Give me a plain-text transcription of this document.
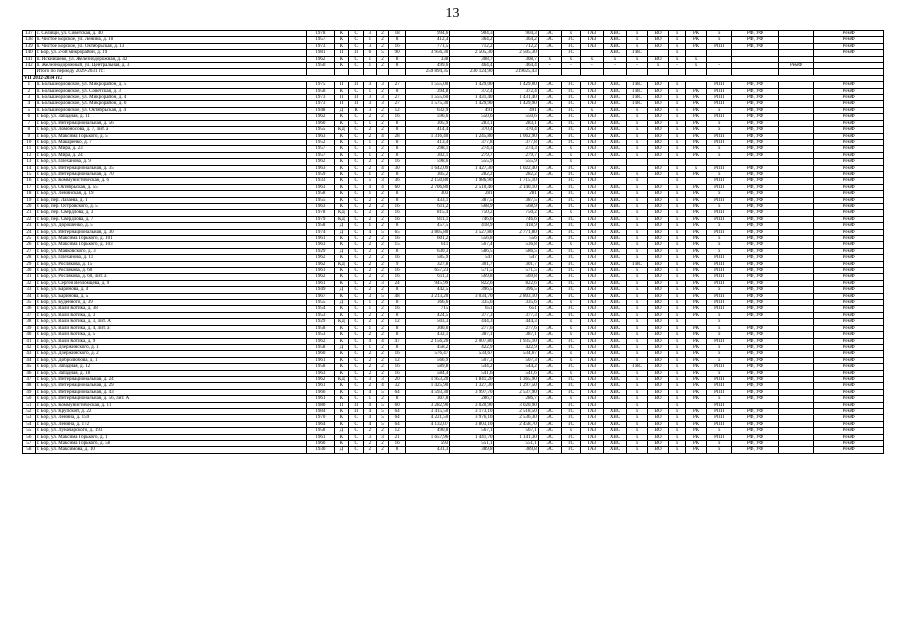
13
137	с. Селищи, ул. Советская, д. 40	1978	К	С	3	2	18	994,6	904,3	904,3	ЭС	х	ГАЗ	ХВС	х	ВО	х	РК	х	РФ, УФ		РемФ
138	п. Чистое Борское, ул. Ленина, д. 10	1957	К	С	1	2	8	412,4	364,2	364,2	ЭС	ТС	ГАЗ	ХВС	х	ВО	х	РК	х	РФ, УФ		РемФ
139	п. Чистое Борское, ул. Октябрьская, д. 13	1973	К	С	3	2	16	771,5	712,2	712,2	ЭС	ТС	ГАЗ	ХВС	х	ВО	х	РК	РПП	РФ, УФ		РемФ
140	г. Бор, ул. 2-ой микрорайон, д. 19	1981	П	П	6	5	90	3 956,30	2 505,30	2 505,30		ТС		ХВС	ГВС		х					РемФ
141	п. Искиншево, ул. Железнодорожная, д. 42	1962	К	С	1	2	8	338	308,7	308,7	х	х	х	х	х	ВО	х	х				
142	п. Железнодорожный, ул. Центральная, д. 3	1950	К	С	1	2	8	499,6	464,4	464,4	-	-	-	-	-	х	-	х	-		РемФ	
	Итого по периоду 2029-2031 гг.:							259 894,35	230 124,90	219025,43												
VII 2032-2034 гг.:																						
1	п. Большеорловское, ул. Микрорайон, д. 5	1975	П	П	3	3	27	1 555,00	1 429,00	1 429,00	ЭС	ТС	ГАЗ	ХВС	ГВС	ВО	х		РПП	РФ, УФ		РемФ
2	п. Большеорловское, ул. Советская, д. 3	1958	К	С	1	2	8	394,8	372,4	372,4	ЭС	ТС	ГАЗ	ХВС	ГВС	ВО	х	РК	РПП	РФ, УФ		РемФ
3	п. Большеорловское, ул. Микрорайон, д. 4	1973	П	П	3	3	27	1 555,60	1 431,40	1 431,40	ЭС	ТС	ГАЗ	ХВС	ГВС	ВО	х	РК	РПП	РФ, УФ		РемФ
4	п. Большеорловское, ул. Микрорайон, д. 6	1973	П	П	3	3	27	1 575,30	1 429,90	1 429,90	ЭС	ТС	ГАЗ	ХВС	ГВС	ВО	х	РК	РПП	РФ, УФ		РемФ
5	п. Большеорловское, ул. Октябрьская, д. 4	1948	Д	К	3	2	12	632,9	491	491	ЭС	ТС	х	ХВС	х	ВО	х	РК	х	РФ, УФ		РемФ
6	г. Бор, ул. Западная, д. 11	1962	К	С	2	2	16	596,6	550,6	550,6	ЭС	ТС	ГАЗ	ХВС	х	ВО	х	РК	РПП	РФ, УФ		РемФ
7	г. Бор, ул. Интернациональная, д. 56	1960	К	С	1	2	8	305,9	283,1	283,1	ЭС	ТС	ГАЗ	ХВС	х	ВО	х	РК	х	РФ, УФ		РемФ
8	г. Бор, ул. Ломоносова, д. 7, лит. а	1955	КД	С	2	2	8	414,4	370,4	370,4	ЭС	ТС	ГАЗ	ХВС	х	ВО	х	РК	х	РФ, УФ		РемФ
9	г. Бор, ул. Максима Горького, д. 5	1963	К	С	2	4	28	1 316,40	1 245,80	1 062,90	ЭС	ТС	ГАЗ	ХВС	х	ВО	х	РК	РПП	РФ, УФ		РемФ
10	г. Бор, ул. Макаренко, д. 7	1952	К	С	1	2	8	413,4	377,8	377,8	ЭС	ТС	ГАЗ	ХВС	х	ВО	х	РК	РПП	РФ, УФ		РемФ
11	г. Бор, ул. Мира, д. 23	1957	К	С	1	2	8	298,1	274,3	274,3	ЭС	х	ГАЗ	ХВС	х	ВО	х	РК	х	РФ, УФ		РемФ
12	г. Бор, ул. Мира, д. 24	1957	К	С	1	2	8	302,1	279,7	279,7	ЭС	х	ГАЗ	ХВС	х	ВО	х	РК	х	РФ, УФ		РемФ
13	г. Бор, ул. Плеханова, д. 9	1962	К	С	2	2	16	598,6	555,9	555,9		х										РемФ
14	г. Бор, ул. Интернациональная, д. 35	1963	К	С	2	4	30	1 642,09	1 427,30	1 022,40	ЭС	ТС	ГАЗ	ХВС		ВО	х	х	РПП	РФ, УФ		РемФ
15	г. Бор, ул. Интернациональная, д. 70	1959	К	С	1	2	8	305,2	282,2	282,2	ЭС	ТС	ГАЗ	ХВС	х	ВО	х	РК	х	РФ, УФ		РемФ
16	г. Бор, ул. Коммунистическая, д. 6	1933	К	С	5	3	36	2 150,80	1 986,90	1 715,10		ТС	ГАЗ		х		х		РПП	РФ, УФ		РемФ
17	г. Бор, ул. Октябрьская, д. 55	1963	К	С	4	4	60	2 706,80	2 510,40	2 140,10	ЭС	ТС	ГАЗ	ХВС	х	ВО	х	РК	РПП	РФ, УФ		РемФ
18	г. Бор, ул. Ленинская, д. 19	1958	К	С	1	2	8	303	281	281	ЭС	ТС	ГАЗ	ХВС	х	ВО	х	РК	х	РФ, УФ		РемФ
19	г. Бор, пер. Лазаева, д. 1	1955	К	С	2	2	8	433,1	387,5	387,5	ЭС	ТС	ГАЗ	ХВС	х	ВО	х	РК	РПП	РФ, УФ		РемФ
20	г. Бор, пер. Островского, д. 5	1963	К	С	2	2	16	611,2	568,9	568,9	ЭС	ТС	ГАЗ	ХВС	х	ВО	х	РК	х	РФ, УФ		РемФ
21	г. Бор, пер. Свердлова, д. 3	1978	КД	С	2	2	16	815,4	750,2	750,2	ЭС	х	ГАЗ	ХВС	х	ВО	х	РК	РПП	РФ, УФ		РемФ
22	г. Бор, пер. Свердлова, д. 7	1979	КД	С	2	2	16	811,1	746,6	746,6	ЭС	ТС	ГАЗ	ХВС	х	ВО	х	РК	РПП	РФ, УФ		РемФ
23	г. Бор, ул. Дорошенко, д. 5	1958	Д	С	1	2	8	457,5	418,9	418,9	ЭС	ТС	ГАЗ	ХВС	х	ВО	х	РК	х	РФ, УФ		РемФ
24	г. Бор, ул. Интернациональная, д. 30	1974	Д	С	4	5	65	3 805,80	3 527,80	2 771,80	ЭС	ТС	ГАЗ	ХВС	х	ВО	х	РК	РПП	РФ, УФ		РемФ
25	г. Бор, ул. Максима Горького, д. 101	1961	К	С	2	2	16	601,2	556,8	556	ЭС	ТС	ГАЗ	ХВС	х	ВО	х	РК	х	РФ, УФ		РемФ
26	г. Бор, ул. Максима Горького, д. 103	1963	К	С	2	2	15	611	567,4	536,8	ЭС	х	ГАЗ	ХВС	х	ВО	х	РК	х	РФ, УФ		РемФ
27	г. Бор, ул. Маяковского, д. 3	1929	Д	С	2	2	8	630,3	586,5	586,5	ЭС	ТС	ГАЗ	ХВС	х	ВО	х	РК	х	РФ, УФ		РемФ
28	г. Бор, ул. Плеханова, д. 11	1962	К	С	2	2	16	585,9	547	547	ЭС	ТС	ГАЗ	ХВС	х	ВО	х	РК	РПП	РФ, УФ		РемФ
29	г. Бор, ул. Рослякова, д. 15	1962	КД	С	2	2	9	327,8	301,7	301,7	ЭС	ТС	ГАЗ	ХВС	ГВС	ВО	х	РК	РПП	РФ, УФ		РемФ
30	г. Бор, ул. Рослякова, д. 60	1961	К	С	2	2	16	657,23	571,5	571,5	ЭС	ТС	ГАЗ	ХВС	х	ВО	х	РК	РПП	РФ, УФ		РемФ
31	г. Бор, ул. Рослякова, д. 60, лит. а	1962	К	С	2	2	16	611,3	569,8	569,8	ЭС	ТС	ГАЗ	ХВС	х	ВО	х	РК	РПП	РФ, УФ		РемФ
32	г. Бор, ул. Сергея Везломцева, д. 9	1961	К	С	2	3	24	945,99	822,6	822,6	ЭС	ТС	ГАЗ	ХВС	х	ВО	х	РК	РПП	РФ, УФ		РемФ
33	г. Бор, ул. Баринова, д. 4	1949	Д	С	2	2	8	442,5	396,5	396,5	ЭС	ТС	ГАЗ	ХВС	х	ВО	х	РК	х	РФ, УФ		РемФ
34	г. Бор, ул. Баринова, д. 5	1967	К	С	3	5	48	3 213,20	3 034,70	2 803,10	ЭС	ТС	ГАЗ	ХВС	х	ВО	х	РК	РПП	РФ, УФ		РемФ
35	г. Бор, ул. Буденного, д. 39	1955	Д	С	1	2	8	366,6	335,6	335,6	ЭС	х	ГАЗ	ХВС	х	ВО	х	РК	РПП	РФ, УФ		РемФ
36	г. Бор, ул. Вали Котика, д. 38	1954	К	С	1	2	16	715	651	651	ЭС	ТС	ГАЗ	ХВС	х	ВО	х	РК	РПП	РФ, УФ		РемФ
37	г. Бор, ул. Вали Котика, д. 3	1953	К	С	2	2	8	424,5	377,3	377,3	ЭС	ТС	ГАЗ	ХВС	х	ВО	х	РК	х	РФ, УФ		РемФ
38	г. Бор, ул. Вали Котика, д. 3, лит. А	1929	КД	С	2	2	12	503,3	444,3	444,3		х	ГАЗ	ХВС	х	ВО	х		х			РемФ
39	г. Бор, ул. Вали Котика, д. 4, лит. а	1958	К	С	1	2	8	300,6	277,6	277,6	ЭС	х	ГАЗ	ХВС	х	ВО	х	РК	х	РФ, УФ		РемФ
40	г. Бор, ул. Вали Котика, д. 5	1953	К	С	2	2	8	432,1	387,1	387,1	ЭС	х	ГАЗ	ХВС	х	ВО	х	РК	х	РФ, УФ		РемФ
41	г. Бор, ул. Вали Котика, д. 9	1962	К	С	4	4	47	2 156,20	2 007,80	1 935,10	ЭС	ТС	ГАЗ	ХВС	х	ВО	х	РК	РПП	РФ, УФ		РемФ
42	г. Бор, ул. Дзержинского, д. 1	1958	Д	С	1	2	8	458,2	422,9	422,9	ЭС	ТС	ГАЗ	ХВС	х	ВО	х	РК	х	РФ, УФ		РемФ
43	г. Бор, ул. Дзержинского, д. 2	1960	К	С	2	2	16	576,47	534,67	534,67	ЭС	х	ГАЗ	ХВС	х	ВО	х	РК	х	РФ, УФ		РемФ
44	г. Бор, ул. Добролюбова, д. 1	1961	К	С	2	2	12	566,9	507,3	507,3	ЭС	х	ГАЗ	ХВС	х	ВО	х	РК	х	РФ, УФ		РемФ
45	г. Бор, ул. Западная, д. 12	1958	К	С	2	2	16	589,8	544,2	544,2	ЭС	ТС	ГАЗ	ХВС	ГВС	ВО	х	РК	РПП	РФ, УФ		РемФ
46	г. Бор, ул. Западная, д. 18	1963	К	С	2	2	16	584,4	541,6	541,6	ЭС	х	ГАЗ	ХВС	х	ВО	х	РК	х	РФ, УФ		РемФ
47	г. Бор, ул. Интернациональная, д. 24	1962	КД	С	3	3	20	1 953,20	1 841,20	1 365,90	ЭС	ТС	ГАЗ	ХВС	х	ВО	х	РК	РПП	РФ, УФ		РемФ
48	г. Бор, ул. Интернациональная, д. 29	1961	К	С	2	4	32	1 425,90	1 327,30	1 297,50	ЭС	ТС	ГАЗ	ХВС	х	ВО	х	РК	РПП	РФ, УФ		РемФ
49	г. Бор, ул. Интернациональная, д. 43	1966	К	С	4	5	64	4 593,30	3 997,70	2 537,90	ЭС	ТС	ГАЗ	ХВС	х	ВО	х	РК	РПП	РФ, УФ		РемФ
50	г. Бор, ул. Интернациональная, д. 56, лит. А	1961	К	С	1	2	8	307,8	286,7	286,7	ЭС	х	ГАЗ	ХВС	х	ВО	х	РК	х	РФ, УФ		РемФ
51	г. Бор, ул. Коммунистическая, д. 11	1980	П	П	4	5	60	3 282,90	3 020,90	3 020,90		ТС	ГАЗ		х		х		РПП			РемФ
52	г. Бор, ул. Крупской, д. 22	1984	К	П	4	5	64	3 415,50	3 173,10	2 518,50	ЭС	ТС	ГАЗ	ХВС	х	ВО	х	РК	РПП	РФ, УФ		РемФ
53	г. Бор, ул. Ленина, д. 159	1970	К	С	4	5	64	4 221,50	3 976,10	2 536,30	ЭС	ТС	ГАЗ	ХВС	х	ВО	х	РК	РПП	РФ, УФ		РемФ
54	г. Бор, ул. Ленина, д. 172	1964	К	С	4	5	64	4 132,07	3 803,10	2 458,70	ЭС	ТС	ГАЗ	ХВС	х	ВО	х	РК	РПП	РФ, УФ		РемФ
55	г. Бор, ул. Луначарского, д. 193	1958	Д	С	2	2	12	490,8	567,1	567,1	ЭС	х	ГАЗ	ХВС	х	ВО	х	РК	х	РФ, УФ		РемФ
56	г. Бор, ул. Максима Горького, д. 1	1961	К	С	3	3	21	1 657,96	1 441,70	1 141,30	ЭС	ТС	ГАЗ	ХВС	х	ВО	х	РК	РПП	РФ, УФ		РемФ
57	г. Бор, ул. Максима Горького, д. 58	1960	К	С	2	2	16	593	551,1	551,1	ЭС	ТС	ГАЗ	ХВС	х	ВО	х	РК	х	РФ, УФ		РемФ
58	г. Бор, ул. Максимова, д. 10	1930	Д	С	2	2	8	431,3	389,8	389,8	ЭС	ТС	ГАЗ	ХВС	х	ВО	х	РК	х	РФ, УФ		РемФ
